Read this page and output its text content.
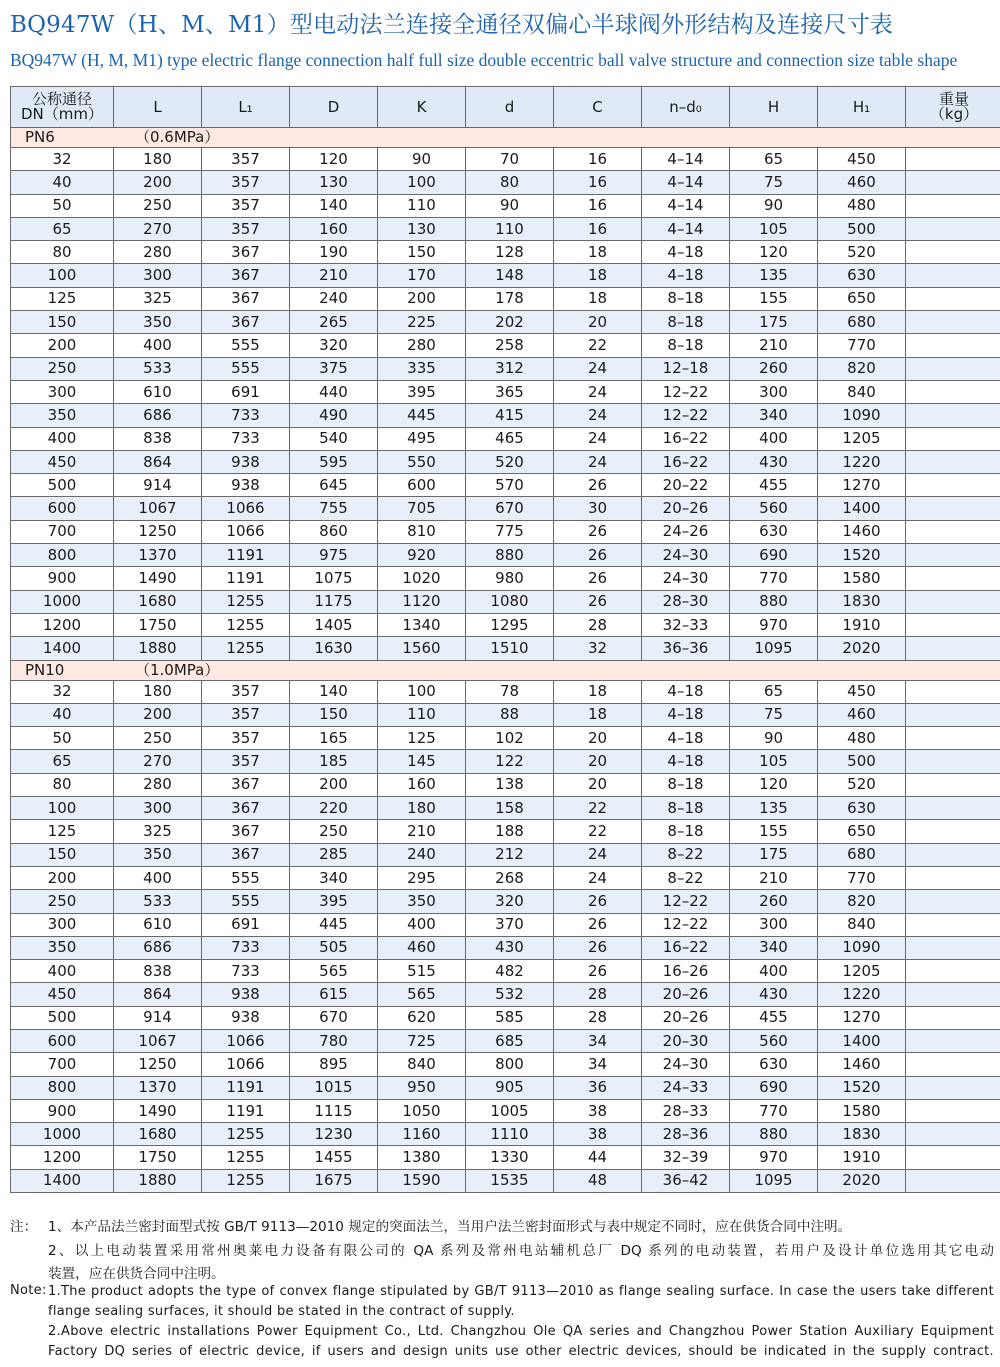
BQ947W（H、M、M1）型电动法兰连接全通径双偏心半球阀外形结构及连接尺寸表
BQ947W (H, M, M1) type electric flange connection half full size double eccentric ball valve structure and connection size table shape
公称通径
DN（mm）	L	L₁	D	K	d	C	n–d₀	H	H₁	重量
（kg）

PN6 （0.6MPa）										
32	180	357	120	90	70	16	4–14	65	450	
40	200	357	130	100	80	16	4–14	75	460	
50	250	357	140	110	90	16	4–14	90	480	
65	270	357	160	130	110	16	4–14	105	500	
80	280	367	190	150	128	18	4–18	120	520	
100	300	367	210	170	148	18	4–18	135	630	
125	325	367	240	200	178	18	8–18	155	650	
150	350	367	265	225	202	20	8–18	175	680	
200	400	555	320	280	258	22	8–18	210	770	
250	533	555	375	335	312	24	12–18	260	820	
300	610	691	440	395	365	24	12–22	300	840	
350	686	733	490	445	415	24	12–22	340	1090	
400	838	733	540	495	465	24	16–22	400	1205	
450	864	938	595	550	520	24	16–22	430	1220	
500	914	938	645	600	570	26	20–22	455	1270	
600	1067	1066	755	705	670	30	20–26	560	1400	
700	1250	1066	860	810	775	26	24–26	630	1460	
800	1370	1191	975	920	880	26	24–30	690	1520	
900	1490	1191	1075	1020	980	26	24–30	770	1580	
1000	1680	1255	1175	1120	1080	26	28–30	880	1830	
1200	1750	1255	1405	1340	1295	28	32–33	970	1910	
1400	1880	1255	1630	1560	1510	32	36–36	1095	2020	
PN10 （1.0MPa）										
32	180	357	140	100	78	18	4–18	65	450	
40	200	357	150	110	88	18	4–18	75	460	
50	250	357	165	125	102	20	4–18	90	480	
65	270	357	185	145	122	20	4–18	105	500	
80	280	367	200	160	138	20	8–18	120	520	
100	300	367	220	180	158	22	8–18	135	630	
125	325	367	250	210	188	22	8–18	155	650	
150	350	367	285	240	212	24	8–22	175	680	
200	400	555	340	295	268	24	8–22	210	770	
250	533	555	395	350	320	26	12–22	260	820	
300	610	691	445	400	370	26	12–22	300	840	
350	686	733	505	460	430	26	16–22	340	1090	
400	838	733	565	515	482	26	16–26	400	1205	
450	864	938	615	565	532	28	20–26	430	1220	
500	914	938	670	620	585	28	20–26	455	1270	
600	1067	1066	780	725	685	34	20–30	560	1400	
700	1250	1066	895	840	800	34	24–30	630	1460	
800	1370	1191	1015	950	905	36	24–33	690	1520	
900	1490	1191	1115	1050	1005	38	28–33	770	1580	
1000	1680	1255	1230	1160	1110	38	28–36	880	1830	
1200	1750	1255	1455	1380	1330	44	32–39	970	1910	
1400	1880	1255	1675	1590	1535	48	36–42	1095	2020	
注： 1、本产品法兰密封面型式按 GB/T 9113—2010 规定的突面法兰，当用户法兰密封面形式与表中规定不同时，应在供货合同中注明。
2、以上电动装置采用常州奥莱电力设备有限公司的 QA 系列及常州电站辅机总厂 DQ 系列的电动装置，若用户及设计单位选用其它电动
装置，应在供货合同中注明。
Note: 1.The product adopts the type of convex flange stipulated by GB/T 9113—2010 as flange sealing surface. In case the users take different
flange sealing surfaces, it should be stated in the contract of supply.
2.Above electric installations Power Equipment Co., Ltd. Changzhou Ole QA series and Changzhou Power Station Auxiliary Equipment
Factory DQ series of electric device, if users and design units use other electric devices, should be indicated in the supply contract.
